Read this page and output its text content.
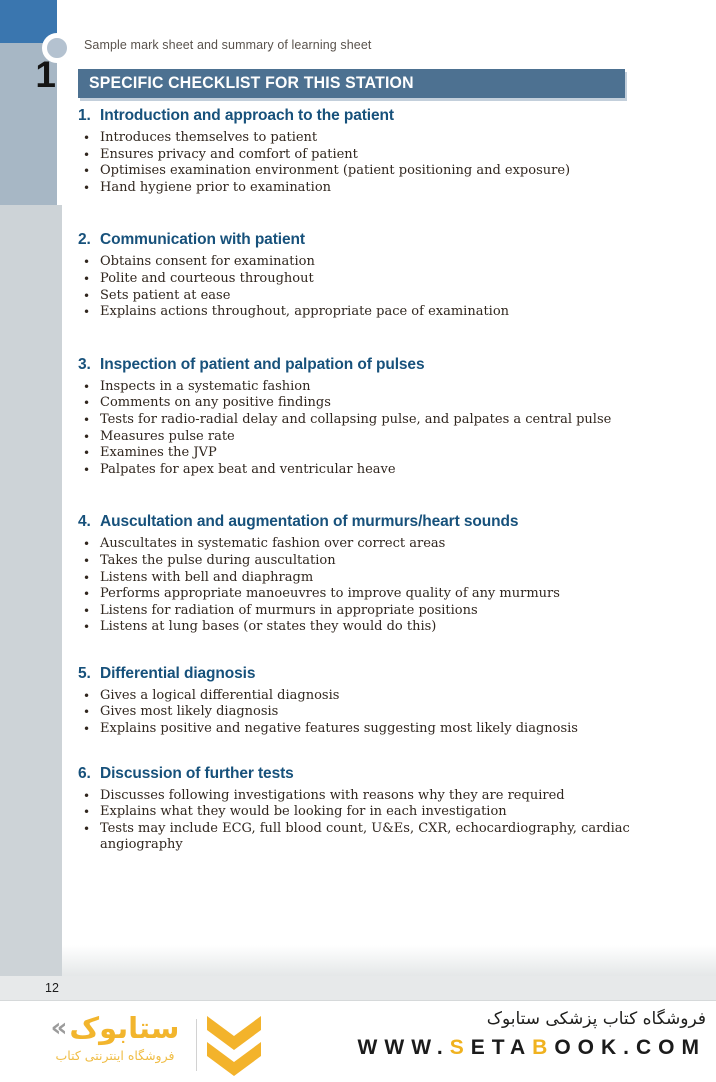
1
Sample mark sheet and summary of learning sheet
SPECIFIC CHECKLIST FOR THIS STATION
1. Introduction and approach to the patient
• Introduces themselves to patient
• Ensures privacy and comfort of patient
• Optimises examination environment (patient positioning and exposure)
• Hand hygiene prior to examination
2. Communication with patient
• Obtains consent for examination
• Polite and courteous throughout
• Sets patient at ease
• Explains actions throughout, appropriate pace of examination
3. Inspection of patient and palpation of pulses
• Inspects in a systematic fashion
• Comments on any positive findings
• Tests for radio-radial delay and collapsing pulse, and palpates a central pulse
• Measures pulse rate
• Examines the JVP
• Palpates for apex beat and ventricular heave
4. Auscultation and augmentation of murmurs/heart sounds
• Auscultates in systematic fashion over correct areas
• Takes the pulse during auscultation
• Listens with bell and diaphragm
• Performs appropriate manoeuvres to improve quality of any murmurs
• Listens for radiation of murmurs in appropriate positions
• Listens at lung bases (or states they would do this)
5. Differential diagnosis
• Gives a logical differential diagnosis
• Gives most likely diagnosis
• Explains positive and negative features suggesting most likely diagnosis
6. Discussion of further tests
• Discusses following investigations with reasons why they are required
• Explains what they would be looking for in each investigation
• Tests may include ECG, full blood count, U&Es, CXR, echocardiography, cardiac angiography
12
«ستابوک
فروشگاه اینترنتی کتاب
فروشگاه کتاب پزشکی ستابوک
WWW.SETABOOK.COM
